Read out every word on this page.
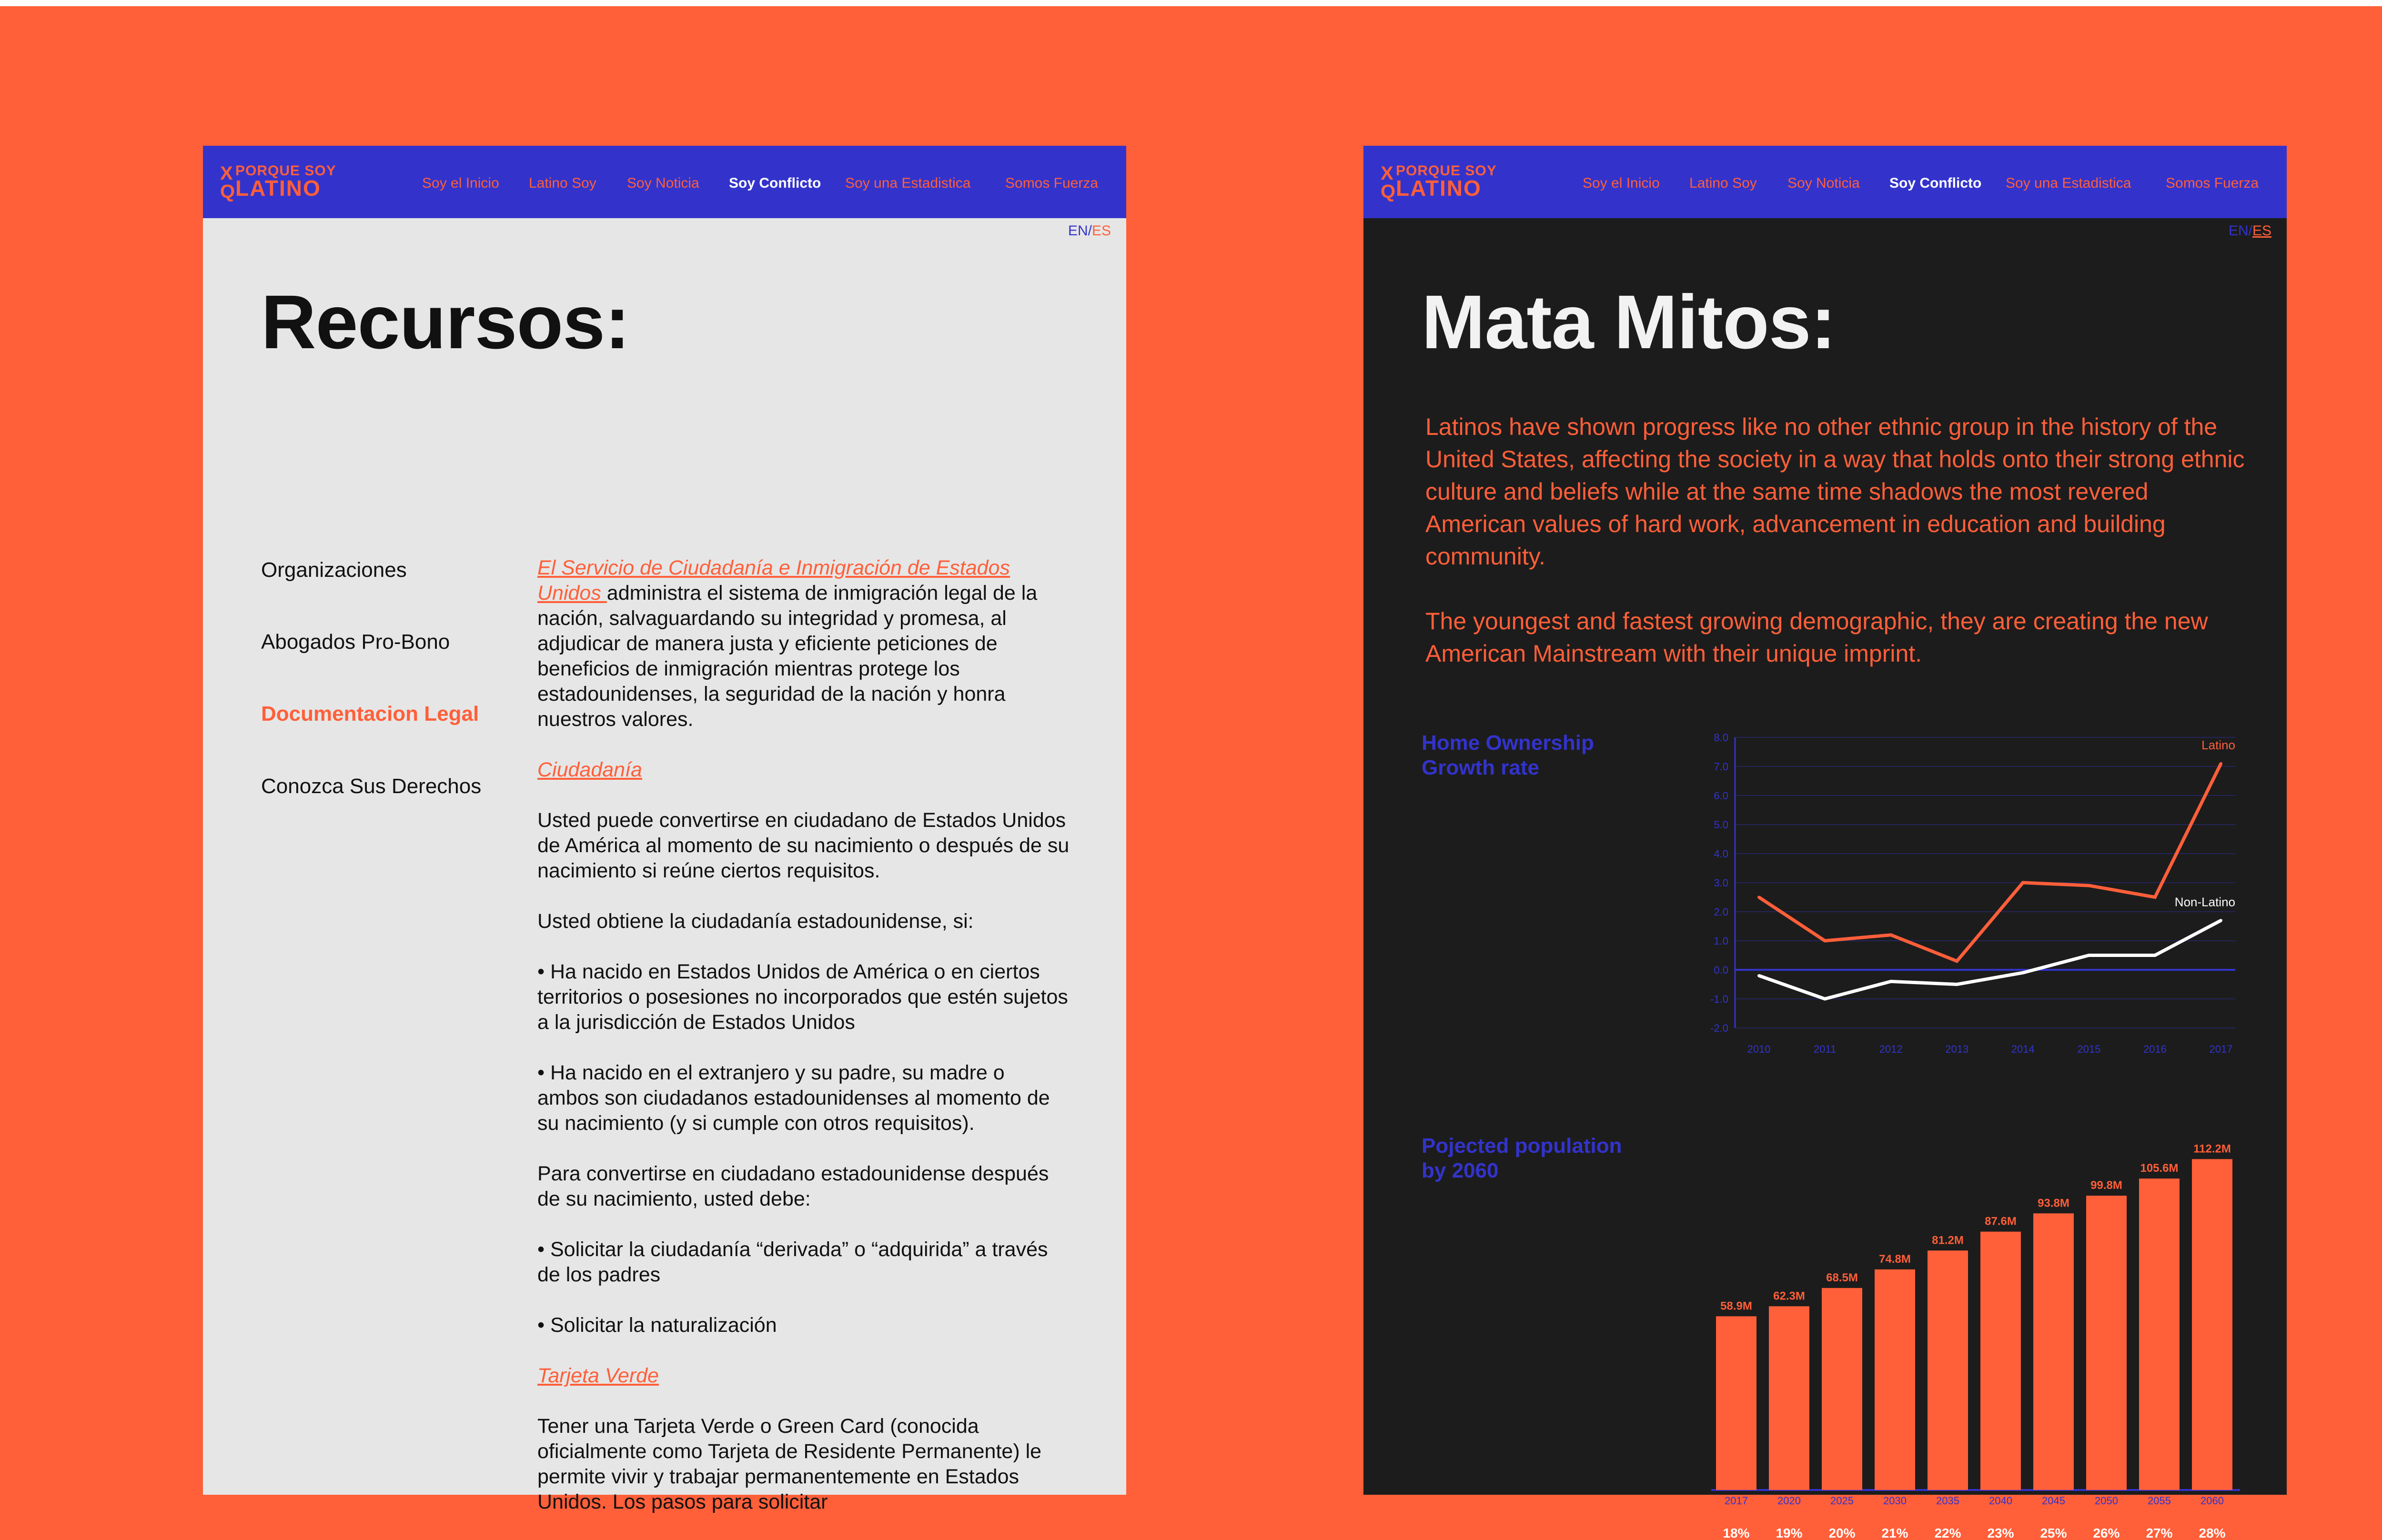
X
Q
PORQUE SOY
LATINO	Soy el Inicio Latino Soy Soy Noticia Soy Conflicto Soy una Estadistica Somos Fuerza
EN/ES
Recursos:
Organizaciones
Abogados Pro-Bono
Documentacion Legal
Conozca Sus Derechos

El Servicio de Ciudadanía e Inmigración de Estados Unidos administra el sistema de inmigración legal de la nación, salvaguardando su integridad y promesa, al adjudicar de manera justa y eficiente peticiones de beneficios de inmigración mientras protege los estadounidenses, la seguridad de la nación y honra nuestros valores.

Ciudadanía

Usted puede convertirse en ciudadano de Estados Unidos de América al momento de su nacimiento o después de su nacimiento si reúne ciertos requisitos.

Usted obtiene la ciudadanía estadounidense, si:

• Ha nacido en Estados Unidos de América o en ciertos territorios o posesiones no incorporados que estén sujetos a la jurisdicción de Estados Unidos

• Ha nacido en el extranjero y su padre, su madre o ambos son ciudadanos estadounidenses al momento de su nacimiento (y si cumple con otros requisitos).

Para convertirse en ciudadano estadounidense después de su nacimiento, usted debe:

• Solicitar la ciudadanía “derivada” o “adquirida” a través de los padres

• Solicitar la naturalización

Tarjeta Verde

Tener una Tarjeta Verde o Green Card (conocida oficialmente como Tarjeta de Residente Permanente) le permite vivir y trabajar permanentemente en Estados Unidos. Los pasos para solicitar

X
Q
PORQUE SOY
LATINO	Soy el Inicio Latino Soy Soy Noticia Soy Conflicto Soy una Estadistica Somos Fuerza
EN/ES
Mata Mitos:

Latinos have shown progress like no other ethnic group in the history of the United States, affecting the society in a way that holds onto their strong ethnic culture and beliefs while at the same time shadows the most revered American values of hard work, advancement in education and building community.

The youngest and fastest growing demographic, they are creating the new American Mainstream with their unique imprint.

Home Ownership Growth rate
8.0
7.0
6.0
5.0
4.0
3.0
2.0
1.0
0.0
-1.0
-2.0
2010	2011	2012	2013	2014	2015	2016	2017
Latino
Non-Latino
Pojected population by 2060
58.9M
2017
18%
62.3M
2020
19%
68.5M
2025
20%
74.8M
2030
21%
81.2M
2035
22%
87.6M
2040
23%
93.8M
2045
25%
99.8M
2050
26%
105.6M
2055
27%
112.2M
2060
28%
